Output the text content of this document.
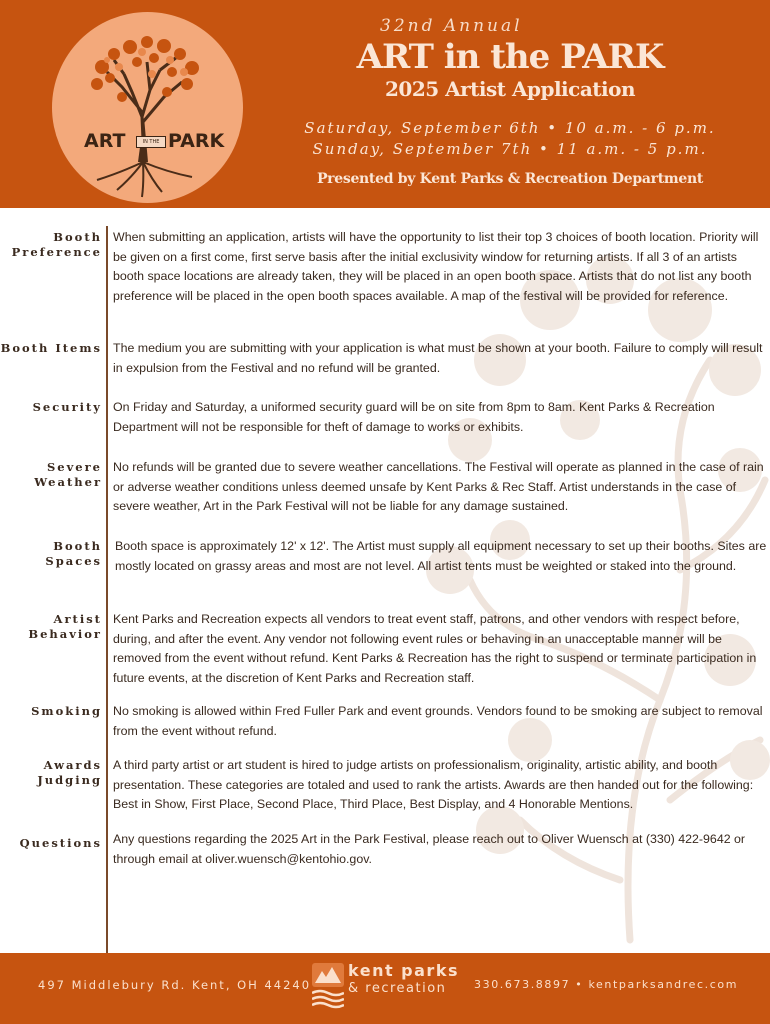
ART	IN THE PARK
32nd Annual
ART in the PARK
2025 Artist Application
Saturday, September 6th • 10 a.m. - 6 p.m.
Sunday, September 7th • 11 a.m. - 5 p.m.
Presented by Kent Parks & Recreation Department
Booth
Preference
When submitting an application, artists will have the opportunity to list their top 3 choices of booth location. Priority will be given on a first come, first serve basis after the initial exclusivity window for returning artists. If all 3 of an artists booth space locations are already taken, they will be placed in an open booth space. Artists that do not list any booth preference will be placed in the open booth spaces available. A map of the festival will be provided for reference.
Booth Items The medium you are submitting with your application is what must be shown at your booth. Failure to comply will result in expulsion from the Festival and no refund will be granted.
Security On Friday and Saturday, a uniformed security guard will be on site from 8pm to 8am. Kent Parks & Recreation Department will not be responsible for theft of damage to works or exhibits.
Severe
Weather
No refunds will be granted due to severe weather cancellations. The Festival will operate as planned in the case of rain or adverse weather conditions unless deemed unsafe by Kent Parks & Rec Staff. Artist understands in the case of severe weather, Art in the Park Festival will not be liable for any damage sustained.
Booth
Spaces
Booth space is approximately 12' x 12'. The Artist must supply all equipment necessary to set up their booths. Sites are mostly located on grassy areas and most are not level. All artist tents must be weighted or staked into the ground.
Artist
Behavior
Kent Parks and Recreation expects all vendors to treat event staff, patrons, and other vendors with respect before, during, and after the event. Any vendor not following event rules or behaving in an unacceptable manner will be removed from the event without refund. Kent Parks & Recreation has the right to suspend or terminate participation in future events, at the discretion of Kent Parks and Recreation staff.
Smoking No smoking is allowed within Fred Fuller Park and event grounds. Vendors found to be smoking are subject to removal from the event without refund.
Awards
Judging
A third party artist or art student is hired to judge artists on professionalism, originality, artistic ability, and booth presentation. These categories are totaled and used to rank the artists. Awards are then handed out for the following: Best in Show, First Place, Second Place, Third Place, Best Display, and 4 Honorable Mentions.
Questions Any questions regarding the 2025 Art in the Park Festival, please reach out to Oliver Wuensch at (330) 422-9642 or through email at oliver.wuensch@kentohio.gov.
497 Middlebury Rd. Kent, OH 44240
kent parks
& recreation	330.673.8897 • kentparksandrec.com
